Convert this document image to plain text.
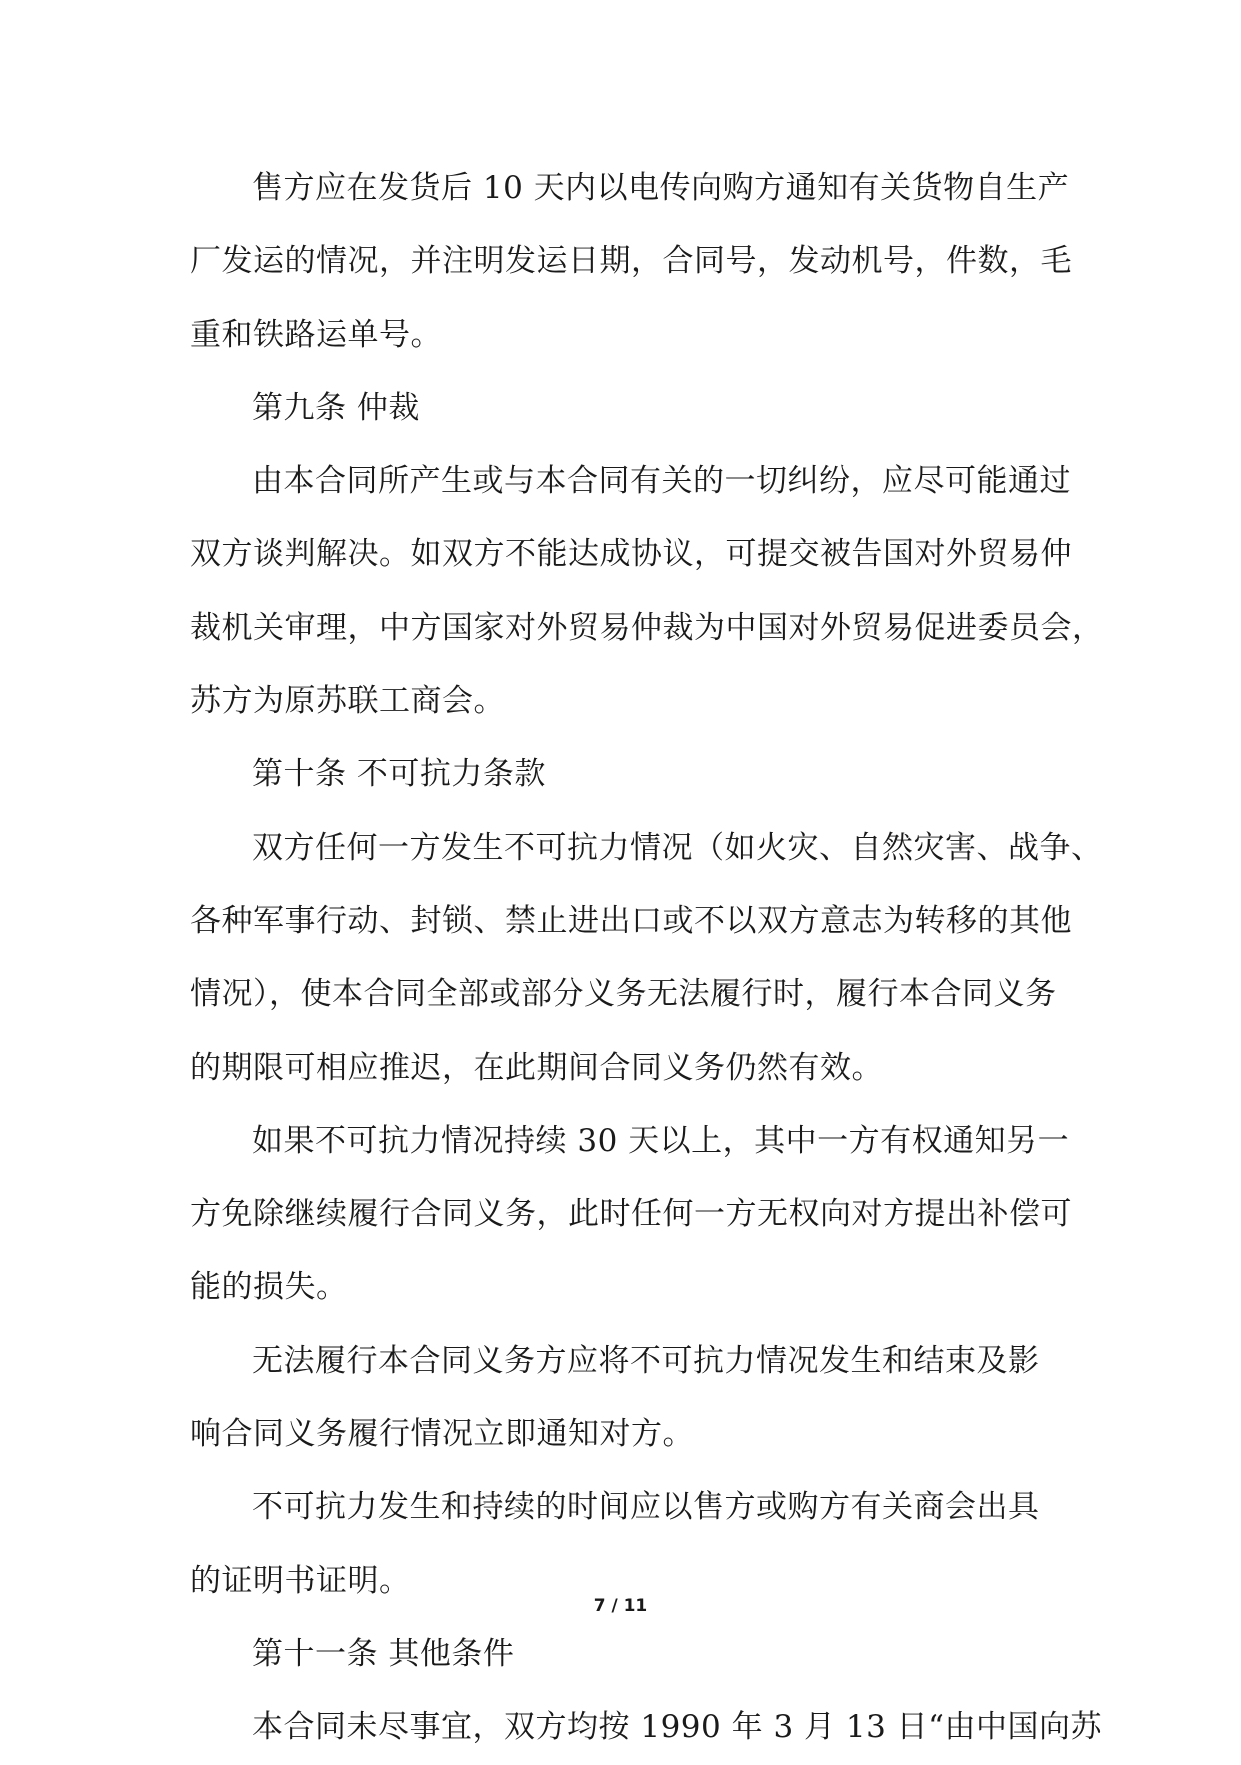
售方应在发货后 10 天内以电传向购方通知有关货物自生产
厂发运的情况，并注明发运日期，合同号，发动机号，件数，毛
重和铁路运单号。
第九条 仲裁
由本合同所产生或与本合同有关的一切纠纷，应尽可能通过
双方谈判解决。如双方不能达成协议，可提交被告国对外贸易仲
裁机关审理，中方国家对外贸易仲裁为中国对外贸易促进委员会，
苏方为原苏联工商会。
第十条 不可抗力条款
双方任何一方发生不可抗力情况（如火灾、自然灾害、战争、
各种军事行动、封锁、禁止进出口或不以双方意志为转移的其他
情况），使本合同全部或部分义务无法履行时，履行本合同义务
的期限可相应推迟，在此期间合同义务仍然有效。
如果不可抗力情况持续 30 天以上，其中一方有权通知另一
方免除继续履行合同义务，此时任何一方无权向对方提出补偿可
能的损失。
无法履行本合同义务方应将不可抗力情况发生和结束及影
响合同义务履行情况立即通知对方。
不可抗力发生和持续的时间应以售方或购方有关商会出具
的证明书证明。
第十一条 其他条件
本合同未尽事宜，双方均按 1990 年 3 月 13 日“由中国向苏
7 / 11
